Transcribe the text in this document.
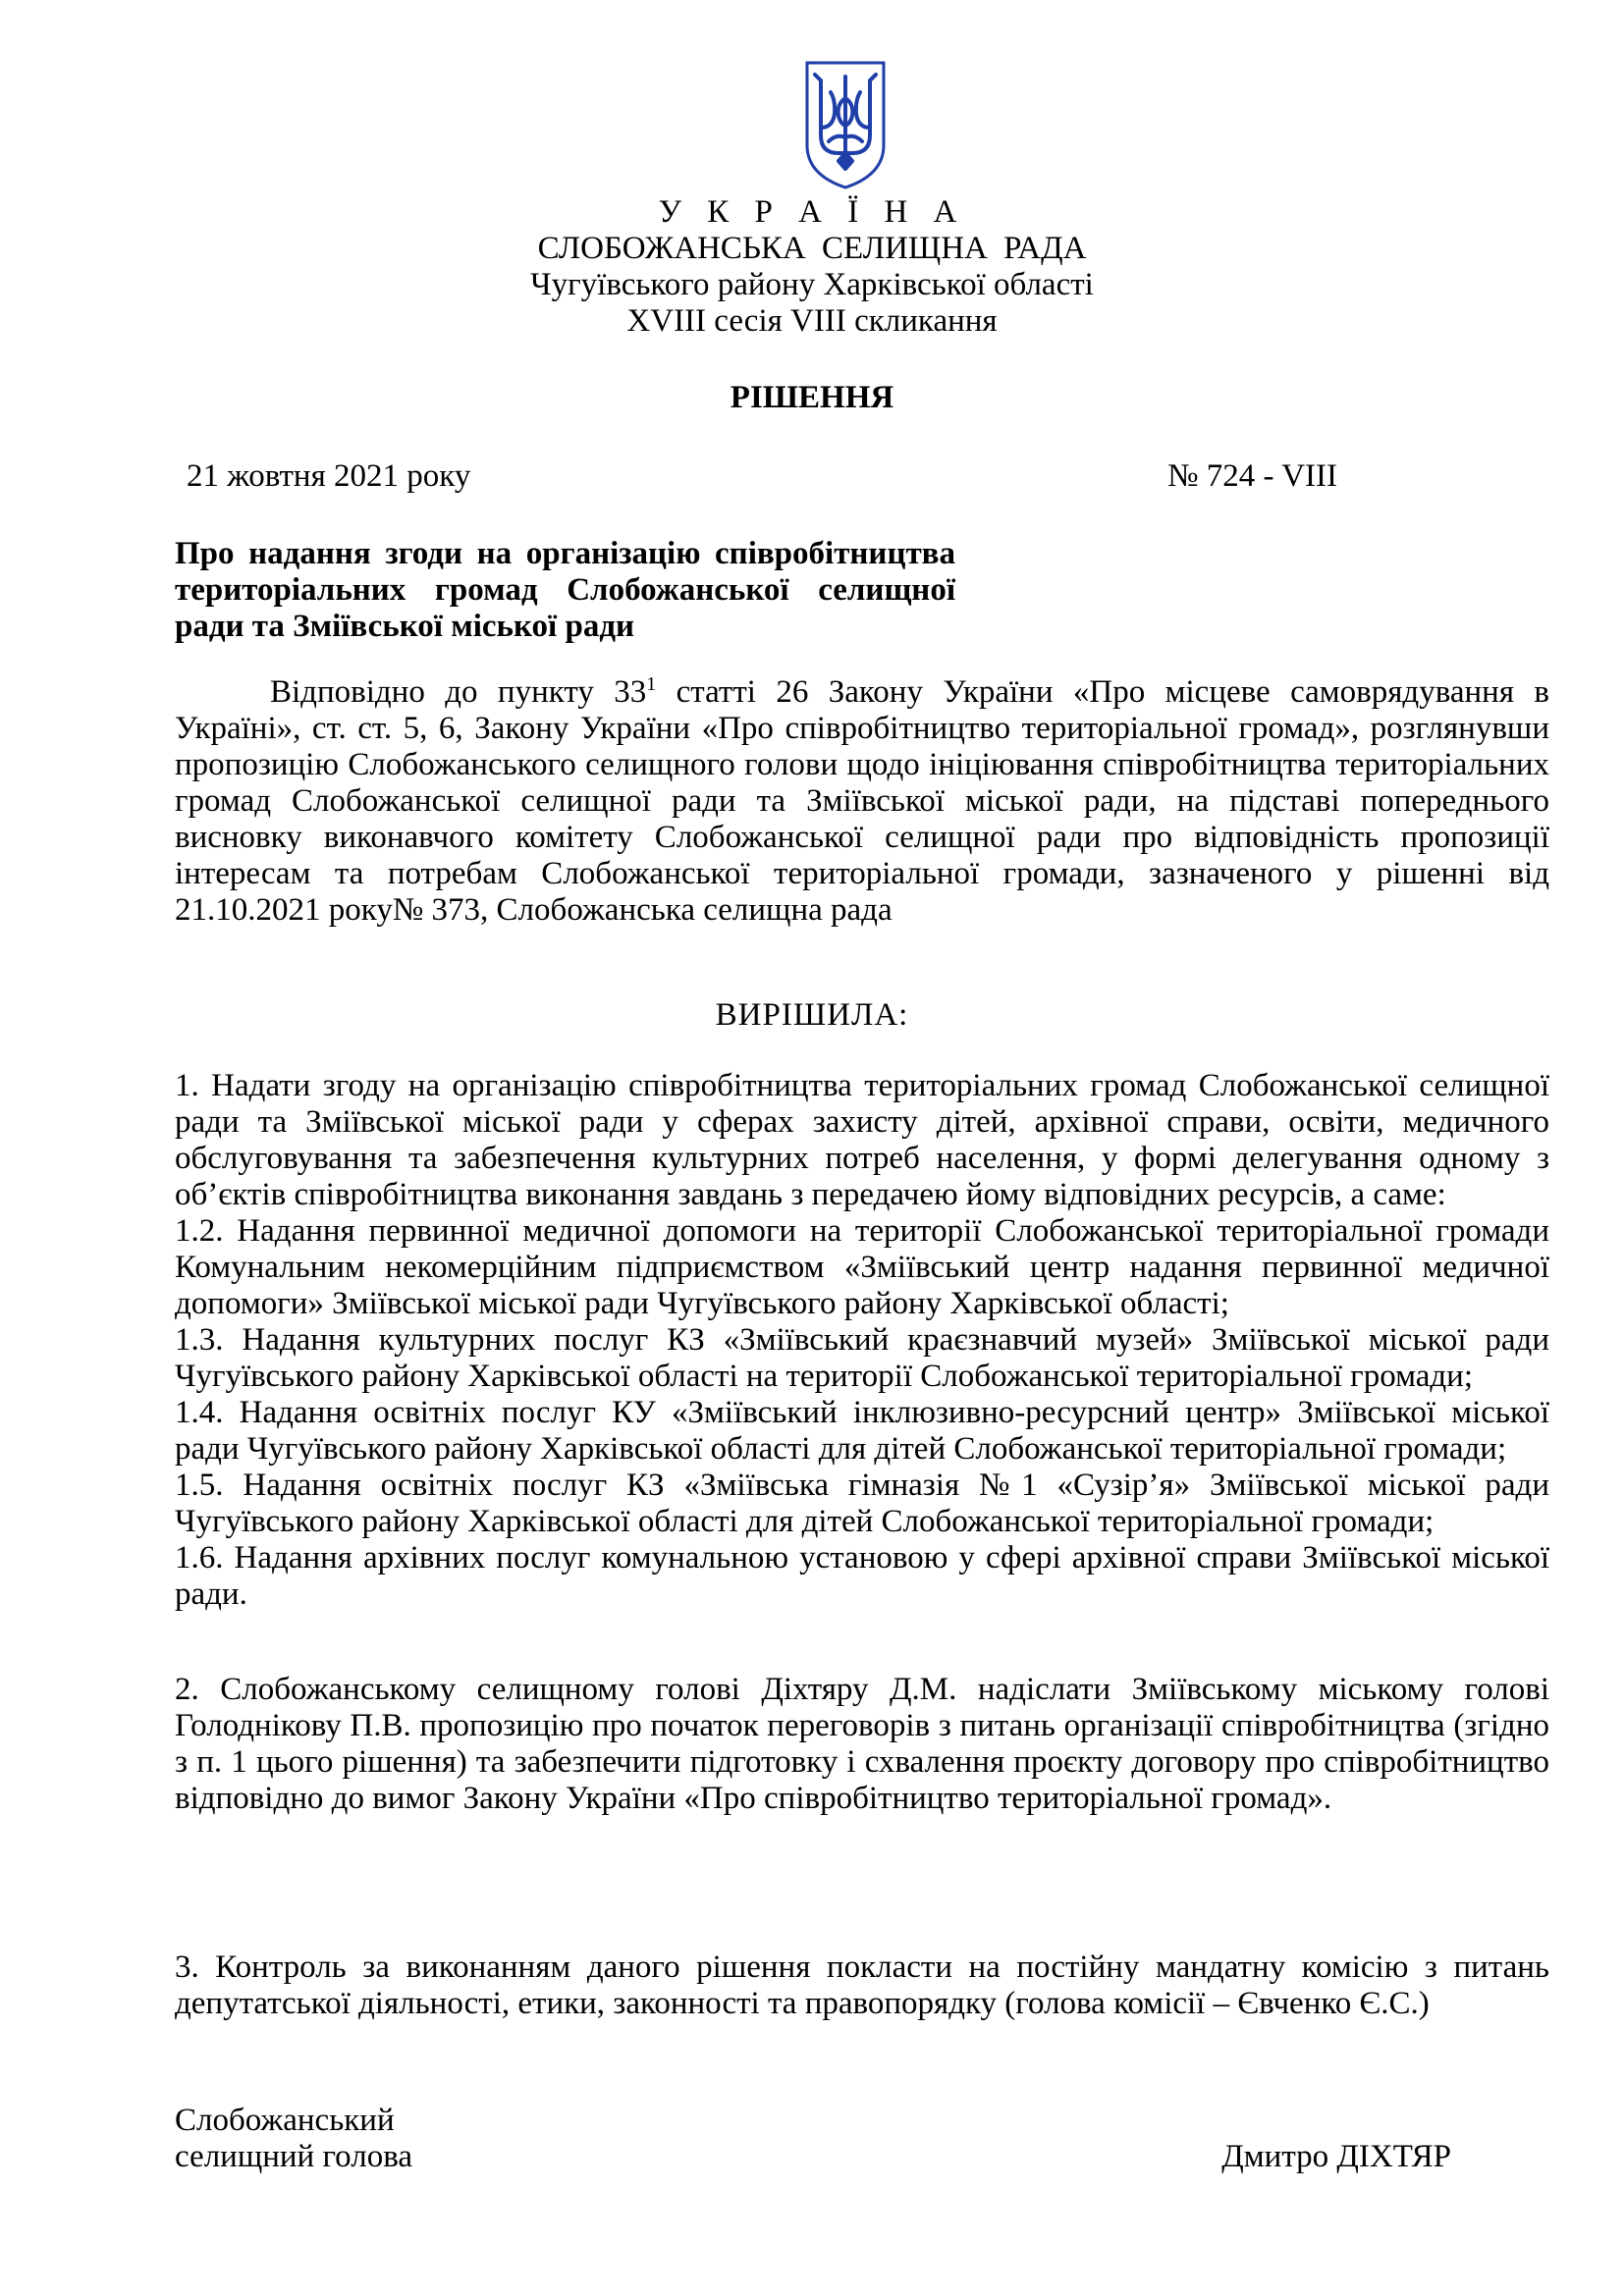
У К Р А Ї Н А
СЛОБОЖАНСЬКА СЕЛИЩНА РАДА
Чугуївського району Харківської області
XVIII сесія VIII скликання
РІШЕННЯ
21 жовтня 2021 року	№ 724 - VIII
Про надання згоди на організацію співробітництва територіальних громад Слобожанської селищної ради та Зміївської міської ради
Відповідно до пункту $33^1$ статті 26 Закону України «Про місцеве самоврядування в Україні», ст. ст. 5, 6, Закону України «Про співробітництво територіальної громад», розглянувши пропозицію Слобожанського селищного голови щодо ініціювання співробітництва територіальних громад Слобожанської селищної ради та Зміївської міської ради, на підставі попереднього висновку виконавчого комітету Слобожанської селищної ради про відповідність пропозиції інтересам та потребам Слобожанської територіальної громади, зазначеного у рішенні від 21.10.2021 року№ 373, Слобожанська селищна рада
ВИРІШИЛА:

1. Надати згоду на організацію співробітництва територіальних громад Слобожанської селищної ради та Зміївської міської ради у сферах захисту дітей, архівної справи, освіти, медичного обслуговування та забезпечення культурних потреб населення, у формі делегування одному з об’єктів співробітництва виконання завдань з передачею йому відповідних ресурсів, а саме:

1.2. Надання первинної медичної допомоги на території Слобожанської територіальної громади Комунальним некомерційним підприємством «Зміївський центр надання первинної медичної допомоги» Зміївської міської ради Чугуївського району Харківської області;

1.3. Надання культурних послуг КЗ «Зміївський краєзнавчий музей» Зміївської міської ради Чугуївського району Харківської області на території Слобожанської територіальної громади;

1.4. Надання освітніх послуг КУ «Зміївський інклюзивно-ресурсний центр» Зміївської міської ради Чугуївського району Харківської області для дітей Слобожанської територіальної громади;

1.5. Надання освітніх послуг КЗ «Зміївська гімназія №1 «Сузір’я» Зміївської міської ради Чугуївського району Харківської області для дітей Слобожанської територіальної громади;

1.6. Надання архівних послуг комунальною установою у сфері архівної справи Зміївської міської ради.

2. Слобожанському селищному голові Діхтяру Д.М. надіслати Зміївському міському голові Голоднікову П.В. пропозицію про початок переговорів з питань організації співробітництва (згідно з п. 1 цього рішення) та забезпечити підготовку і схвалення проєкту договору про співробітництво відповідно до вимог Закону України «Про співробітництво територіальної громад».
3. Контроль за виконанням даного рішення покласти на постійну мандатну комісію з питань депутатської діяльності, етики, законності та правопорядку (голова комісії – Євченко Є.С.)
Слобожанський
селищний голова	Дмитро ДІХТЯР
